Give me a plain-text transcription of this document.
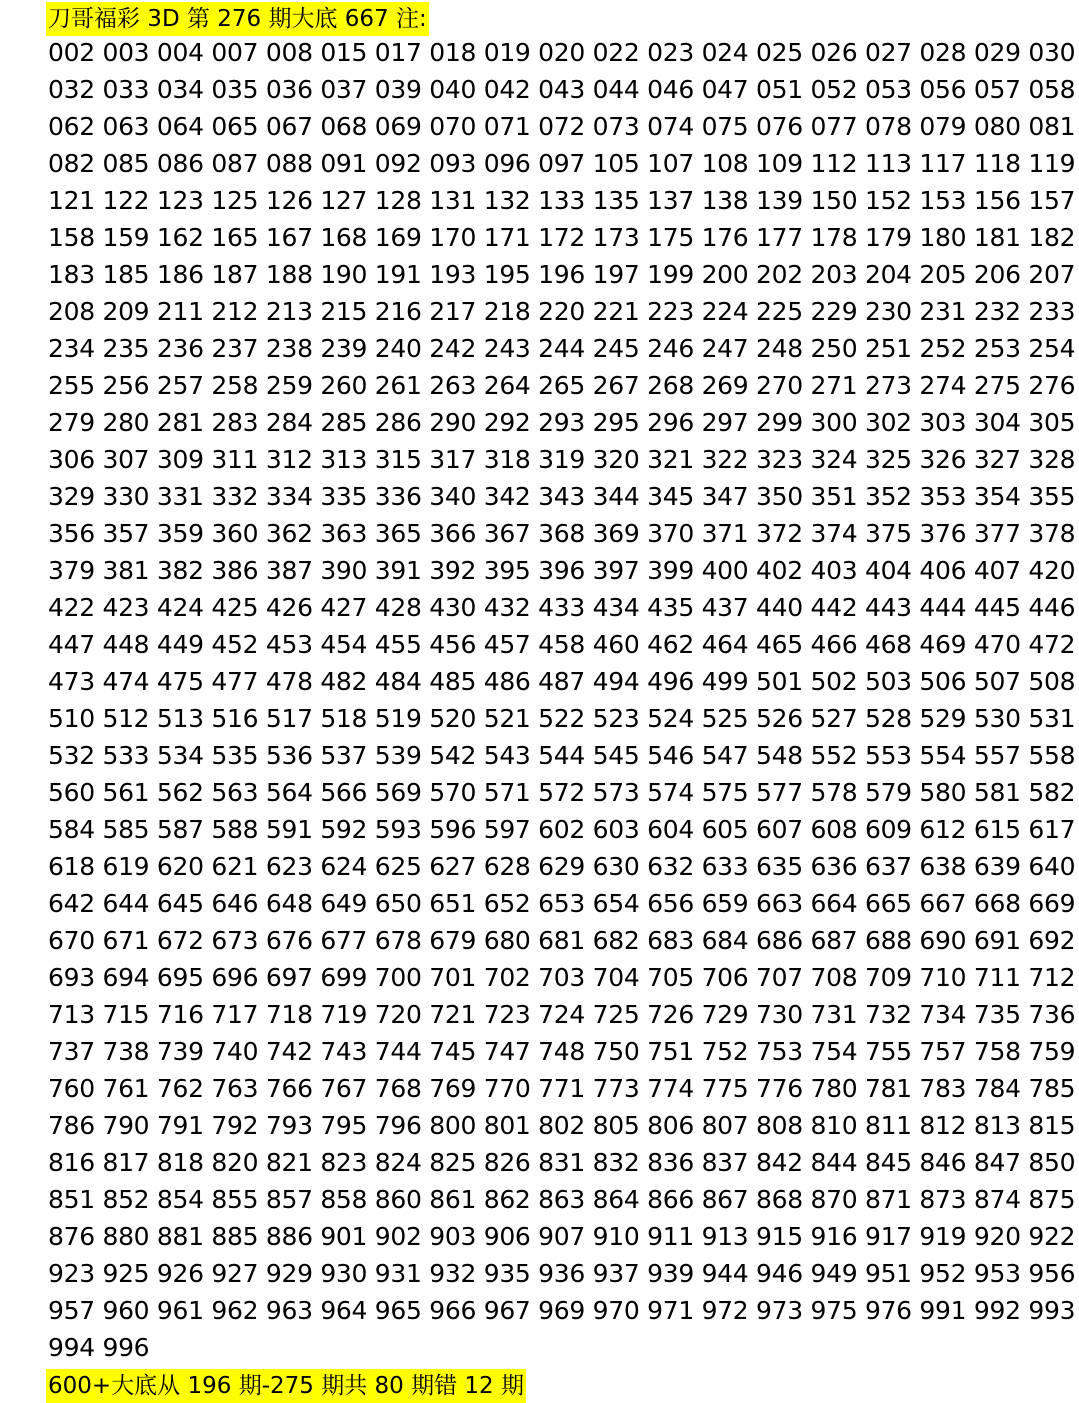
刀哥福彩 3D 第 276 期大底 667 注:
002 003 004 007 008 015 017 018 019 020 022 023 024 025 026 027 028 029 030
032 033 034 035 036 037 039 040 042 043 044 046 047 051 052 053 056 057 058
062 063 064 065 067 068 069 070 071 072 073 074 075 076 077 078 079 080 081
082 085 086 087 088 091 092 093 096 097 105 107 108 109 112 113 117 118 119
121 122 123 125 126 127 128 131 132 133 135 137 138 139 150 152 153 156 157
158 159 162 165 167 168 169 170 171 172 173 175 176 177 178 179 180 181 182
183 185 186 187 188 190 191 193 195 196 197 199 200 202 203 204 205 206 207
208 209 211 212 213 215 216 217 218 220 221 223 224 225 229 230 231 232 233
234 235 236 237 238 239 240 242 243 244 245 246 247 248 250 251 252 253 254
255 256 257 258 259 260 261 263 264 265 267 268 269 270 271 273 274 275 276
279 280 281 283 284 285 286 290 292 293 295 296 297 299 300 302 303 304 305
306 307 309 311 312 313 315 317 318 319 320 321 322 323 324 325 326 327 328
329 330 331 332 334 335 336 340 342 343 344 345 347 350 351 352 353 354 355
356 357 359 360 362 363 365 366 367 368 369 370 371 372 374 375 376 377 378
379 381 382 386 387 390 391 392 395 396 397 399 400 402 403 404 406 407 420
422 423 424 425 426 427 428 430 432 433 434 435 437 440 442 443 444 445 446
447 448 449 452 453 454 455 456 457 458 460 462 464 465 466 468 469 470 472
473 474 475 477 478 482 484 485 486 487 494 496 499 501 502 503 506 507 508
510 512 513 516 517 518 519 520 521 522 523 524 525 526 527 528 529 530 531
532 533 534 535 536 537 539 542 543 544 545 546 547 548 552 553 554 557 558
560 561 562 563 564 566 569 570 571 572 573 574 575 577 578 579 580 581 582
584 585 587 588 591 592 593 596 597 602 603 604 605 607 608 609 612 615 617
618 619 620 621 623 624 625 627 628 629 630 632 633 635 636 637 638 639 640
642 644 645 646 648 649 650 651 652 653 654 656 659 663 664 665 667 668 669
670 671 672 673 676 677 678 679 680 681 682 683 684 686 687 688 690 691 692
693 694 695 696 697 699 700 701 702 703 704 705 706 707 708 709 710 711 712
713 715 716 717 718 719 720 721 723 724 725 726 729 730 731 732 734 735 736
737 738 739 740 742 743 744 745 747 748 750 751 752 753 754 755 757 758 759
760 761 762 763 766 767 768 769 770 771 773 774 775 776 780 781 783 784 785
786 790 791 792 793 795 796 800 801 802 805 806 807 808 810 811 812 813 815
816 817 818 820 821 823 824 825 826 831 832 836 837 842 844 845 846 847 850
851 852 854 855 857 858 860 861 862 863 864 866 867 868 870 871 873 874 875
876 880 881 885 886 901 902 903 906 907 910 911 913 915 916 917 919 920 922
923 925 926 927 929 930 931 932 935 936 937 939 944 946 949 951 952 953 956
957 960 961 962 963 964 965 966 967 969 970 971 972 973 975 976 991 992 993
994 996
600+大底从 196 期-275 期共 80 期错 12 期
